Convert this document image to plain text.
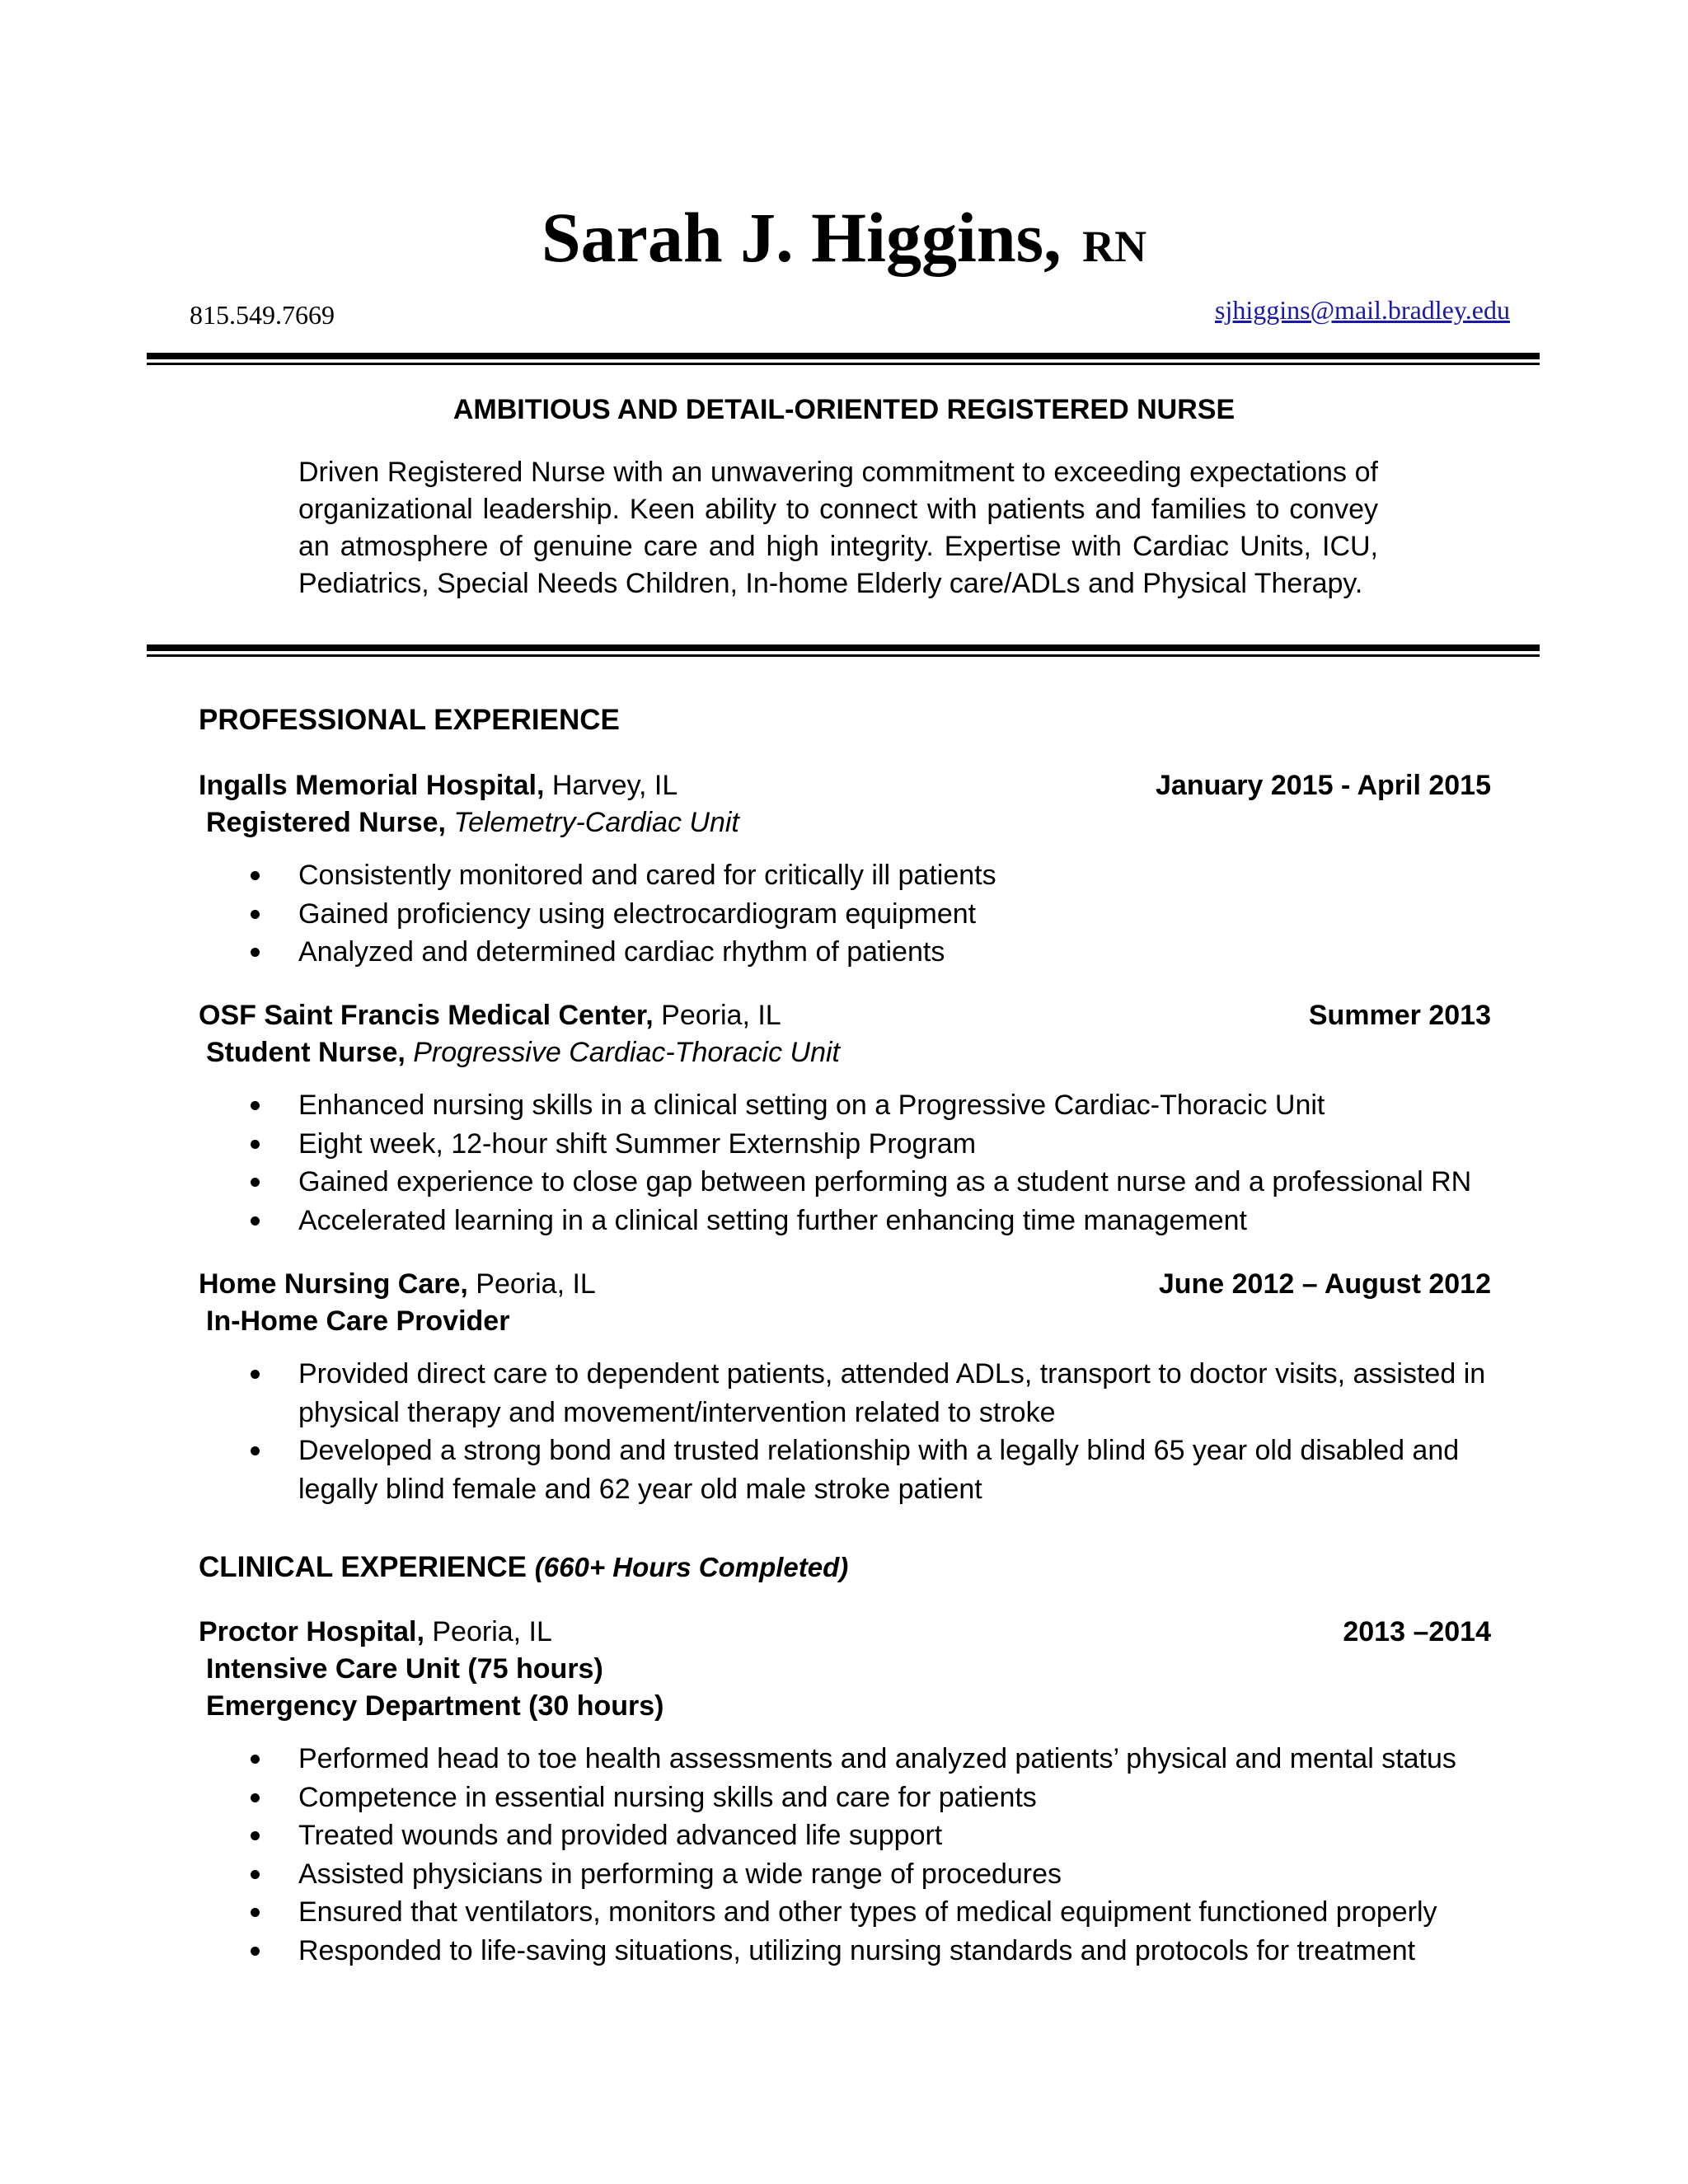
Sarah J. Higgins, RN
815.549.7669	sjhiggins@mail.bradley.edu
AMBITIOUS AND DETAIL-ORIENTED REGISTERED NURSE
Driven Registered Nurse with an unwavering commitment to exceeding expectations of organizational leadership. Keen ability to connect with patients and families to convey an atmosphere of genuine care and high integrity. Expertise with Cardiac Units, ICU, Pediatrics, Special Needs Children, In-home Elderly care/ADLs and Physical Therapy.
PROFESSIONAL EXPERIENCE
Ingalls Memorial Hospital, Harvey, IL	January 2015 - April 2015
Registered Nurse, Telemetry-Cardiac Unit
Consistently monitored and cared for critically ill patients
Gained proficiency using electrocardiogram equipment
Analyzed and determined cardiac rhythm of patients
OSF Saint Francis Medical Center, Peoria, IL	Summer 2013
Student Nurse, Progressive Cardiac-Thoracic Unit
Enhanced nursing skills in a clinical setting on a Progressive Cardiac-Thoracic Unit
Eight week, 12-hour shift Summer Externship Program
Gained experience to close gap between performing as a student nurse and a professional RN
Accelerated learning in a clinical setting further enhancing time management
Home Nursing Care, Peoria, IL	June 2012 – August 2012
In-Home Care Provider
Provided direct care to dependent patients, attended ADLs, transport to doctor visits, assisted in physical therapy and movement/intervention related to stroke
Developed a strong bond and trusted relationship with a legally blind 65 year old disabled and legally blind female and 62 year old male stroke patient
CLINICAL EXPERIENCE (660+ Hours Completed)
Proctor Hospital, Peoria, IL	2013 –2014
Intensive Care Unit (75 hours)
Emergency Department (30 hours)
Performed head to toe health assessments and analyzed patients’ physical and mental status
Competence in essential nursing skills and care for patients
Treated wounds and provided advanced life support
Assisted physicians in performing a wide range of procedures
Ensured that ventilators, monitors and other types of medical equipment functioned properly
Responded to life-saving situations, utilizing nursing standards and protocols for treatment
